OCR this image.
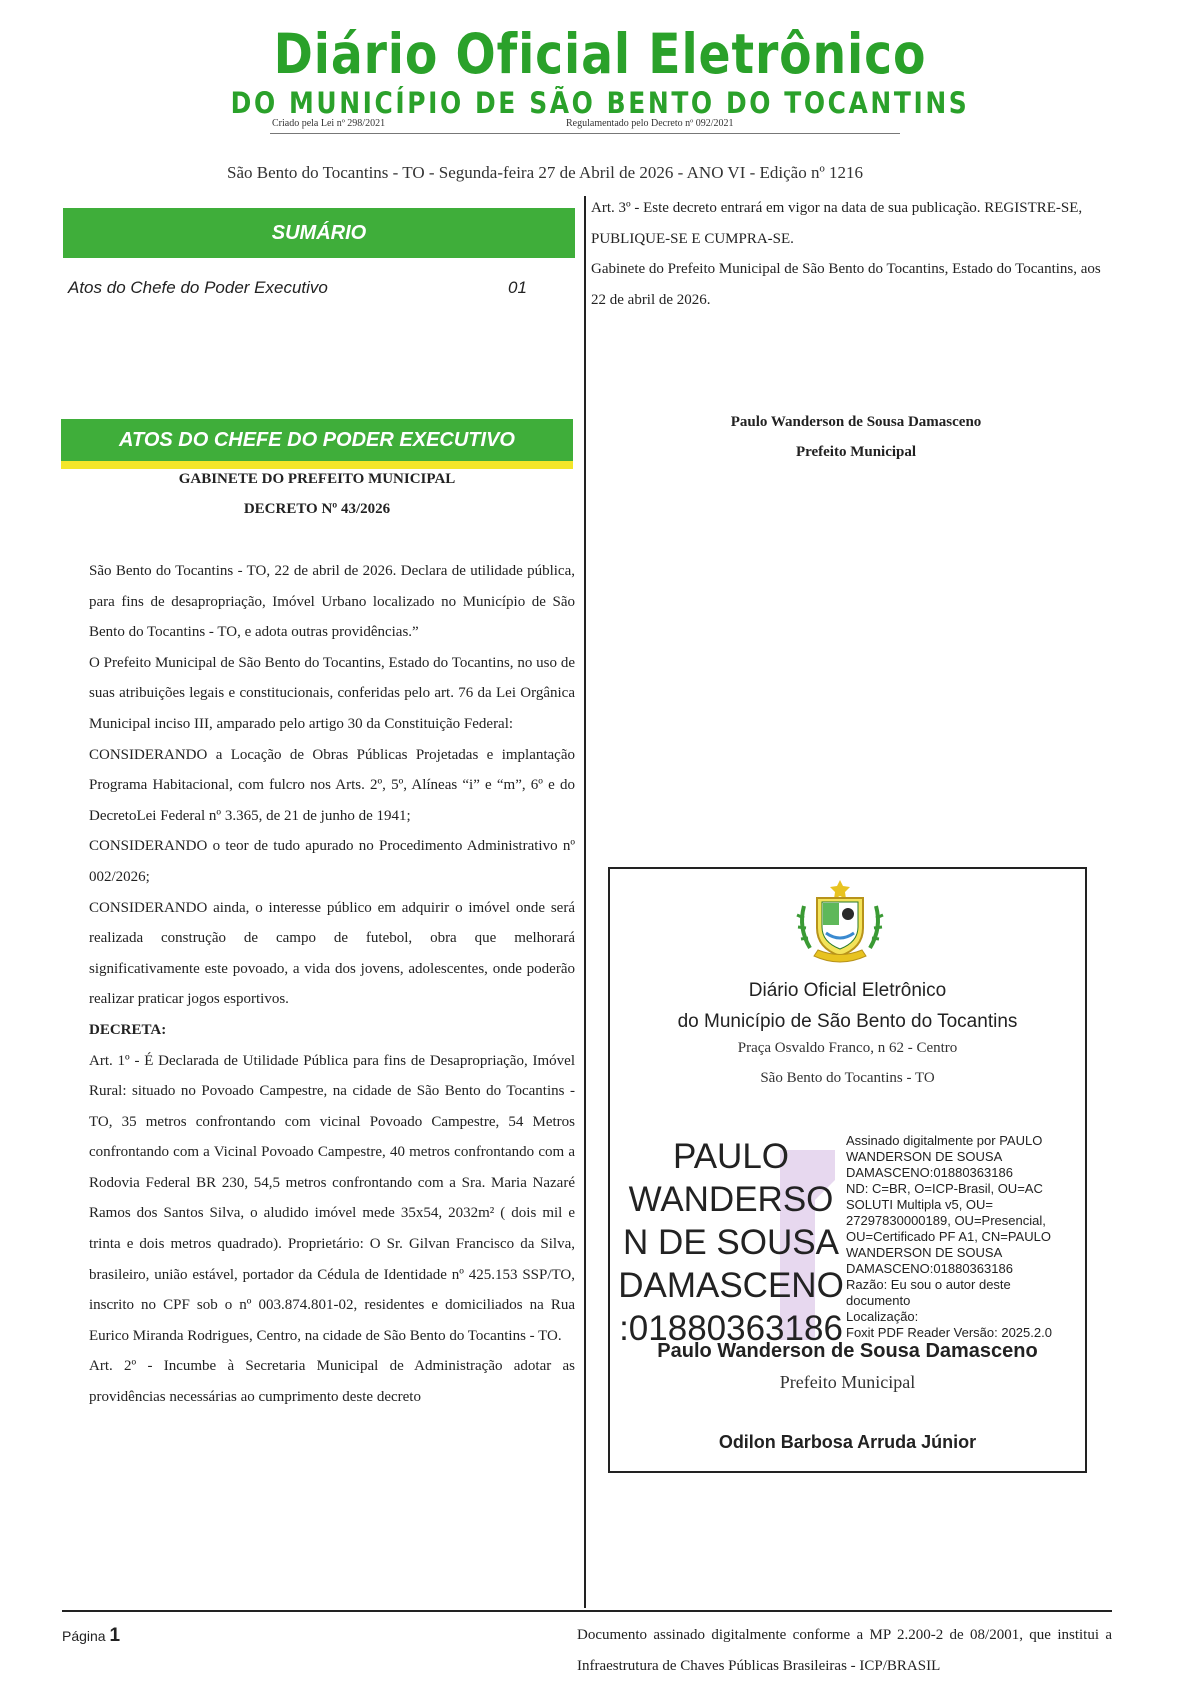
Diário Oficial Eletrônico
DO MUNICÍPIO DE SÃO BENTO DO TOCANTINS
Criado pela Lei nº 298/2021	Regulamentado pelo Decreto nº 092/2021
São Bento do Tocantins - TO - Segunda-feira 27 de Abril de 2026 - ANO VI - Edição nº 1216
SUMÁRIO
Atos do Chefe do Poder Executivo	01
ATOS DO CHEFE DO PODER EXECUTIVO
GABINETE DO PREFEITO MUNICIPAL
DECRETO Nº 43/2026

São Bento do Tocantins - TO, 22 de abril de 2026. Declara de utilidade pública, para fins de desapropriação, Imóvel Urbano localizado no Município de São Bento do Tocantins - TO, e adota outras providências.”

O Prefeito Municipal de São Bento do Tocantins, Estado do Tocantins, no uso de suas atribuições legais e constitucionais, conferidas pelo art. 76 da Lei Orgânica Municipal inciso III, amparado pelo artigo 30 da Constituição Federal:

CONSIDERANDO a Locação de Obras Públicas Projetadas e implantação Programa Habitacional, com fulcro nos Arts. 2º, 5º, Alíneas “i” e “m”, 6º e do DecretoLei Federal nº 3.365, de 21 de junho de 1941;

CONSIDERANDO o teor de tudo apurado no Procedimento Administrativo nº 002/2026;

CONSIDERANDO ainda, o interesse público em adquirir o imóvel onde será realizada construção de campo de futebol, obra que melhorará significativamente este povoado, a vida dos jovens, adolescentes, onde poderão realizar praticar jogos esportivos.

DECRETA:

Art. 1º - É Declarada de Utilidade Pública para fins de Desapropriação, Imóvel Rural: situado no Povoado Campestre, na cidade de São Bento do Tocantins - TO, 35 metros confrontando com vicinal Povoado Campestre, 54 Metros confrontando com a Vicinal Povoado Campestre, 40 metros confrontando com a Rodovia Federal BR 230, 54,5 metros confrontando com a Sra. Maria Nazaré Ramos dos Santos Silva, o aludido imóvel mede 35x54, 2032m² ( dois mil e trinta e dois metros quadrado). Proprietário: O Sr. Gilvan Francisco da Silva, brasileiro, união estável, portador da Cédula de Identidade nº 425.153 SSP/TO, inscrito no CPF sob o nº 003.874.801-02, residentes e domiciliados na Rua Eurico Miranda Rodrigues, Centro, na cidade de São Bento do Tocantins - TO.

Art. 2º - Incumbe à Secretaria Municipal de Administração adotar as providências necessárias ao cumprimento deste decreto

Art. 3º - Este decreto entrará em vigor na data de sua publicação. REGISTRE-SE, PUBLIQUE-SE E CUMPRA-SE.

Gabinete do Prefeito Municipal de São Bento do Tocantins, Estado do Tocantins, aos 22 de abril de 2026.

Paulo Wanderson de Sousa Damasceno
Prefeito Municipal
Diário Oficial Eletrônico
do Município de São Bento do Tocantins
Praça Osvaldo Franco, n 62 - Centro
São Bento do Tocantins - TO
PAULO
WANDERSO
N DE SOUSA
DAMASCENO
:01880363186
Assinado digitalmente por PAULO
WANDERSON DE SOUSA
DAMASCENO:01880363186
ND: C=BR, O=ICP-Brasil, OU=AC
SOLUTI Multipla v5, OU=
27297830000189, OU=Presencial,
OU=Certificado PF A1, CN=PAULO
WANDERSON DE SOUSA
DAMASCENO:01880363186
Razão: Eu sou o autor deste
documento
Localização:
Foxit PDF Reader Versão: 2025.2.0
Paulo Wanderson de Sousa Damasceno
Prefeito Municipal
Odilon Barbosa Arruda Júnior
Página 1	Documento assinado digitalmente conforme a MP 2.200-2 de 08/2001, que institui a Infraestrutura de Chaves Públicas Brasileiras - ICP/BRASIL
